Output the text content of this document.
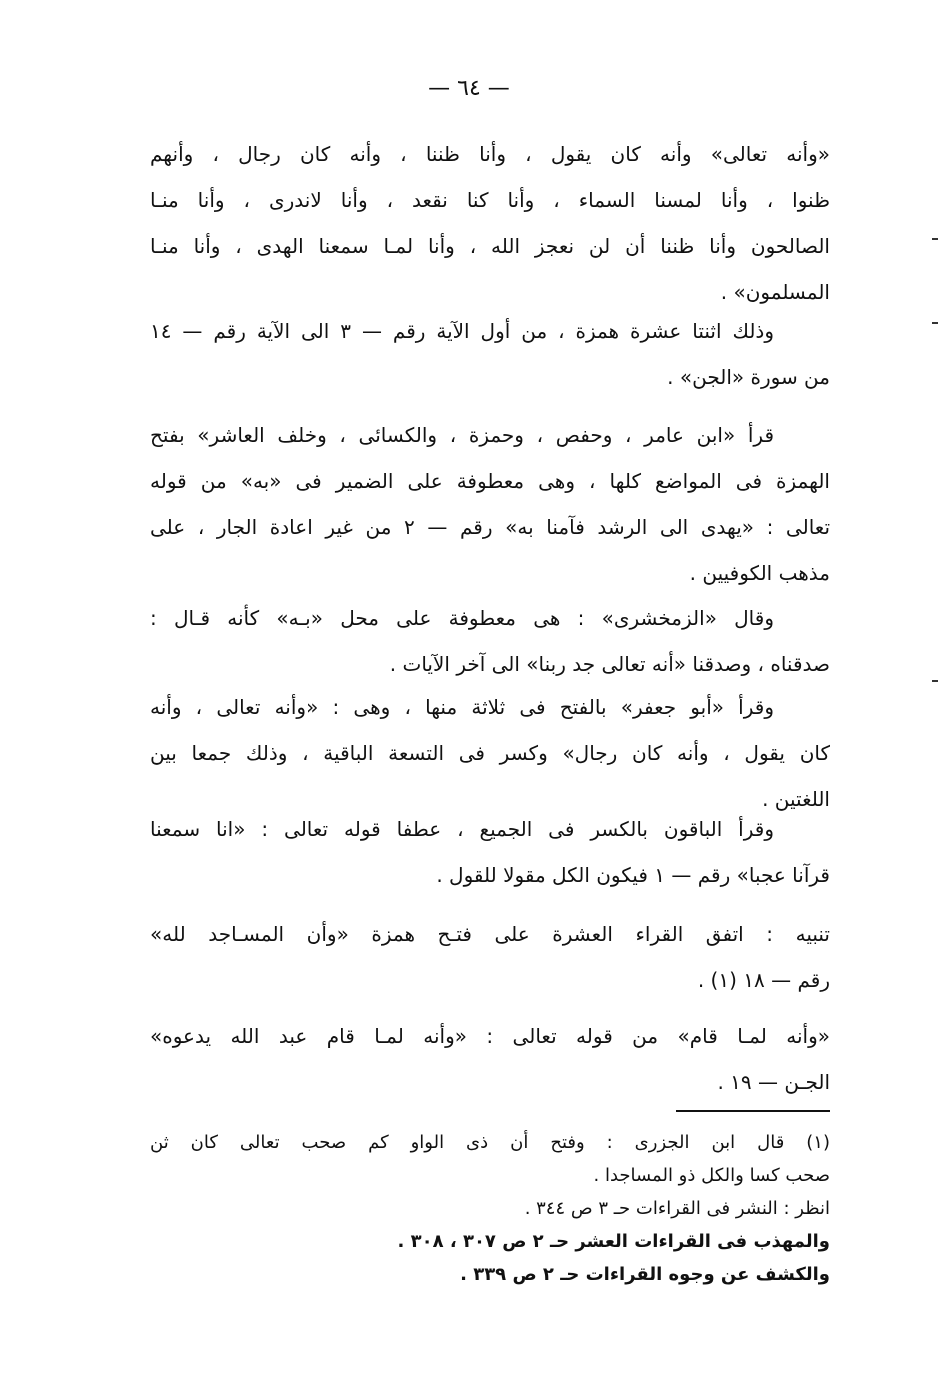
— ٦٤ —
«وأنه تعالى» وأنه كان يقول ، وأنا ظننا ، وأنه كان رجال ، وأنهم
ظنوا ، وأنا لمسنا السماء ، وأنا كنا نقعد ، وأنا لاندرى ، وأنا منـا
الصالحون وأنا ظننا أن لن نعجز الله ، وأنا لمـا سمعنا الهدى ، وأنا منـا
المسلمون» .
وذلك اثنتا عشرة همزة ، من أول الآية رقم — ٣ الى الآية رقم — ١٤
من سورة «الجن» .
قرأ «ابن عامر ، وحفص ، وحمزة ، والكسائى ، وخلف العاشر» بفتح
الهمزة فى المواضع كلها ، وهى معطوفة على الضمير فى «به» من قوله
تعالى : «يهدى الى الرشد فآمنا به» رقم — ٢ من غير اعادة الجار ، على
مذهب الكوفيين .
وقال «الزمخشرى» : هى معطوفة على محل «بـه» كأنه قـال :
صدقناه ، وصدقنا «أنه تعالى جد ربنا» الى آخر الآيات .
وقرأ «أبو جعفر» بالفتح فى ثلاثة منها ، وهى : «وأنه تعالى ، وأنه
كان يقول ، وأنه كان رجال» وكسر فى التسعة الباقية ، وذلك جمعا بين
اللغتين .
وقرأ الباقون بالكسر فى الجميع ، عطفا قوله تعالى : «انا سمعنا
قرآنا عجبا» رقم — ١ فيكون الكل مقولا للقول .
تنبيه : اتفق القراء العشرة على فتـح همزة «وأن المسـاجد لله»
رقم — ١٨ (١) .
«وأنه لمـا قام» من قوله تعالى : «وأنه لمـا قام عبد الله يدعوه»
الجـن — ١٩ .
(١) قال ابن الجزرى : وفتح أن ذى الواو كم صحب تعالى كان ثن
صحب كسا والكل ذو المساجدا .
انظر : النشر فى القراءات حـ ٣ ص ٣٤٤ .
والمهذب فى القراءات العشر حـ ٢ ص ٣٠٧ ، ٣٠٨ .
والكشف عن وجوه القراءات حـ ٢ ص ٣٣٩ .
